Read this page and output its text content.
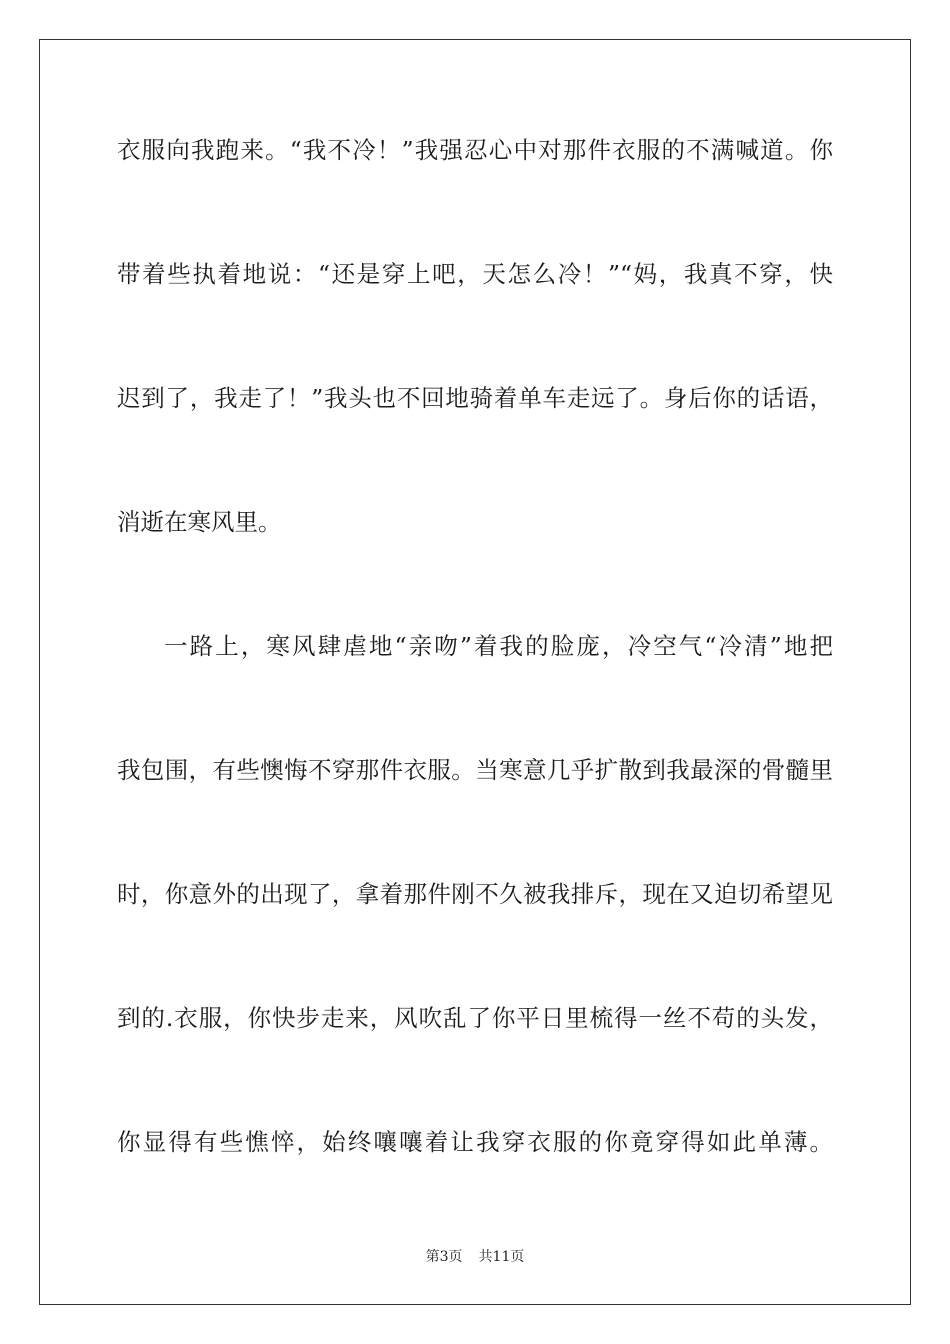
衣服向我跑来。“我不冷！”我强忍心中对那件衣服的不满喊道。你
带着些执着地说：“还是穿上吧，天怎么冷！”“妈，我真不穿，快
迟到了，我走了！”我头也不回地骑着单车走远了。身后你的话语，
消逝在寒风里。
一路上，寒风肆虐地“亲吻”着我的脸庞，冷空气“冷清”地把
我包围，有些懊悔不穿那件衣服。当寒意几乎扩散到我最深的骨髓里
时，你意外的出现了，拿着那件刚不久被我排斥，现在又迫切希望见
到的.衣服，你快步走来，风吹乱了你平日里梳得一丝不苟的头发，
你显得有些憔悴，始终嚷嚷着让我穿衣服的你竟穿得如此单薄。
第3页 共11页
